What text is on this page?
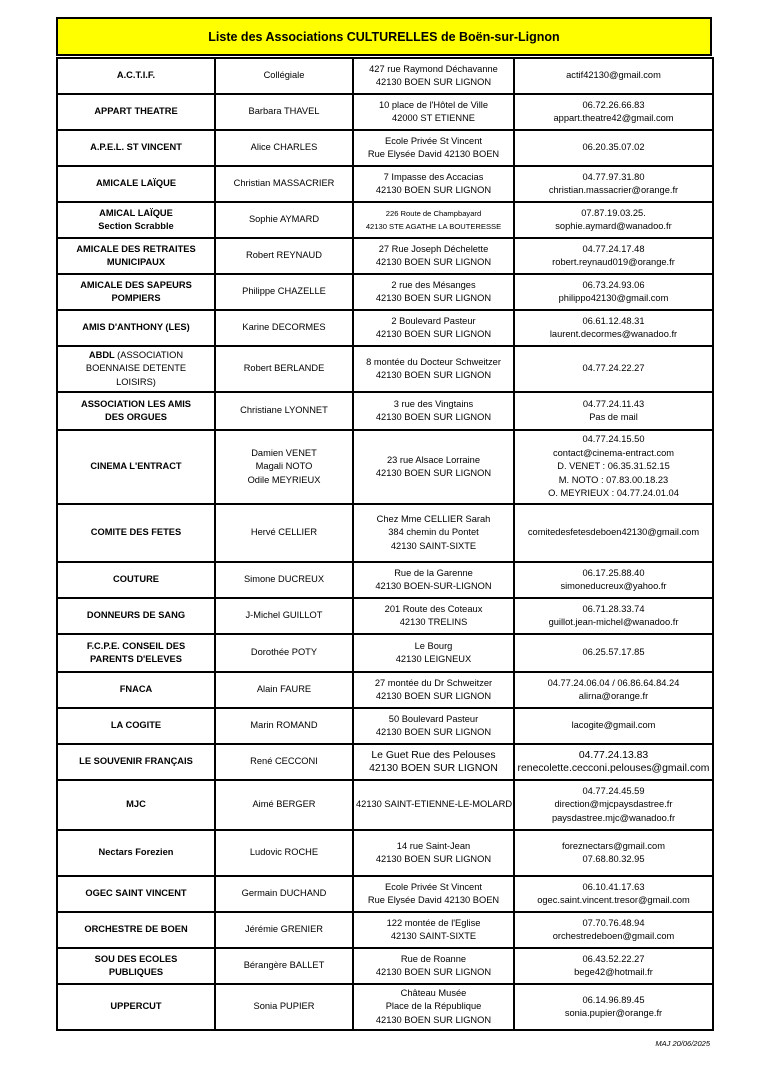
Liste des Associations CULTURELLES de Boën-sur-Lignon
A.C.T.I.F.	Collégiale	427 rue Raymond Déchavanne
42130 BOEN SUR LIGNON	actif42130@gmail.com

APPART THEATRE	Barbara THAVEL	10 place de l'Hôtel de Ville
42000 ST ETIENNE	06.72.26.66.83
appart.theatre42@gmail.com

A.P.E.L. ST VINCENT	Alice CHARLES	Ecole Privée St Vincent
Rue Elysée David 42130 BOEN	06.20.35.07.02

AMICALE LAÏQUE	Christian MASSACRIER	7 Impasse des Accacias
42130 BOEN SUR LIGNON	04.77.97.31.80
christian.massacrier@orange.fr

AMICAL LAÏQUE
Section Scrabble	Sophie AYMARD	226 Route de Champbayard
42130 STE AGATHE LA BOUTERESSE	07.87.19.03.25.
sophie.aymard@wanadoo.fr

AMICALE DES RETRAITES
MUNICIPAUX	Robert REYNAUD	27 Rue Joseph Déchelette
42130 BOEN SUR LIGNON	04.77.24.17.48
robert.reynaud019@orange.fr

AMICALE DES SAPEURS
POMPIERS	Philippe CHAZELLE	2 rue des Mésanges
42130 BOEN SUR LIGNON	06.73.24.93.06
philippo42130@gmail.com

AMIS D'ANTHONY (LES)	Karine DECORMES	2 Boulevard Pasteur
42130 BOEN SUR LIGNON	06.61.12.48.31
laurent.decormes@wanadoo.fr

ABDL (ASSOCIATION
BOENNAISE DETENTE
LOISIRS)	Robert BERLANDE	8 montée du Docteur Schweitzer
42130 BOEN SUR LIGNON	04.77.24.22.27

ASSOCIATION LES AMIS
DES ORGUES	Christiane LYONNET	3 rue des Vingtains
42130 BOEN SUR LIGNON	04.77.24.11.43
Pas de mail

CINEMA L'ENTRACT	Damien VENET
Magali NOTO
Odile MEYRIEUX	23 rue Alsace Lorraine
42130 BOEN SUR LIGNON	04.77.24.15.50
contact@cinema-entract.com
D. VENET : 06.35.31.52.15
M. NOTO : 07.83.00.18.23
O. MEYRIEUX : 04.77.24.01.04

COMITE DES FETES	Hervé CELLIER	Chez Mme CELLIER Sarah
384 chemin du Pontet
42130 SAINT-SIXTE	comitedesfetesdeboen42130@gmail.com

COUTURE	Simone DUCREUX	Rue de la Garenne
42130 BOEN-SUR-LIGNON	06.17.25.88.40
simoneducreux@yahoo.fr

DONNEURS DE SANG	J-Michel GUILLOT	201 Route des Coteaux
42130 TRELINS	06.71.28.33.74
guillot.jean-michel@wanadoo.fr

F.C.P.E. CONSEIL DES
PARENTS D'ELEVES	Dorothée POTY	Le Bourg
42130 LEIGNEUX	06.25.57.17.85

FNACA	Alain FAURE	27 montée du Dr Schweitzer
42130 BOEN SUR LIGNON	04.77.24.06.04 / 06.86.64.84.24
alirna@orange.fr

LA COGITE	Marin ROMAND	50 Boulevard Pasteur
42130 BOEN SUR LIGNON	lacogite@gmail.com

LE SOUVENIR FRANÇAIS	René CECCONI	Le Guet Rue des Pelouses
42130 BOEN SUR LIGNON	04.77.24.13.83
renecolette.cecconi.pelouses@gmail.com

MJC	Aimé BERGER	42130 SAINT-ETIENNE-LE-MOLARD	04.77.24.45.59
direction@mjcpaysdastree.fr
paysdastree.mjc@wanadoo.fr

Nectars Forezien	Ludovic ROCHE	14 rue Saint-Jean
42130 BOEN SUR LIGNON	foreznectars@gmail.com
07.68.80.32.95

OGEC SAINT VINCENT	Germain DUCHAND	Ecole Privée St Vincent
Rue Elysée David 42130 BOEN	06.10.41.17.63
ogec.saint.vincent.tresor@gmail.com

ORCHESTRE DE BOEN	Jérémie GRENIER	122 montée de l'Eglise
42130 SAINT-SIXTE	07.70.76.48.94
orchestredeboen@gmail.com

SOU DES ECOLES
PUBLIQUES	Bérangère BALLET	Rue de Roanne
42130 BOEN SUR LIGNON	06.43.52.22.27
bege42@hotmail.fr

UPPERCUT	Sonia PUPIER	Château Musée
Place de la République
42130 BOEN SUR LIGNON	06.14.96.89.45
sonia.pupier@orange.fr
MAJ 20/06/2025
